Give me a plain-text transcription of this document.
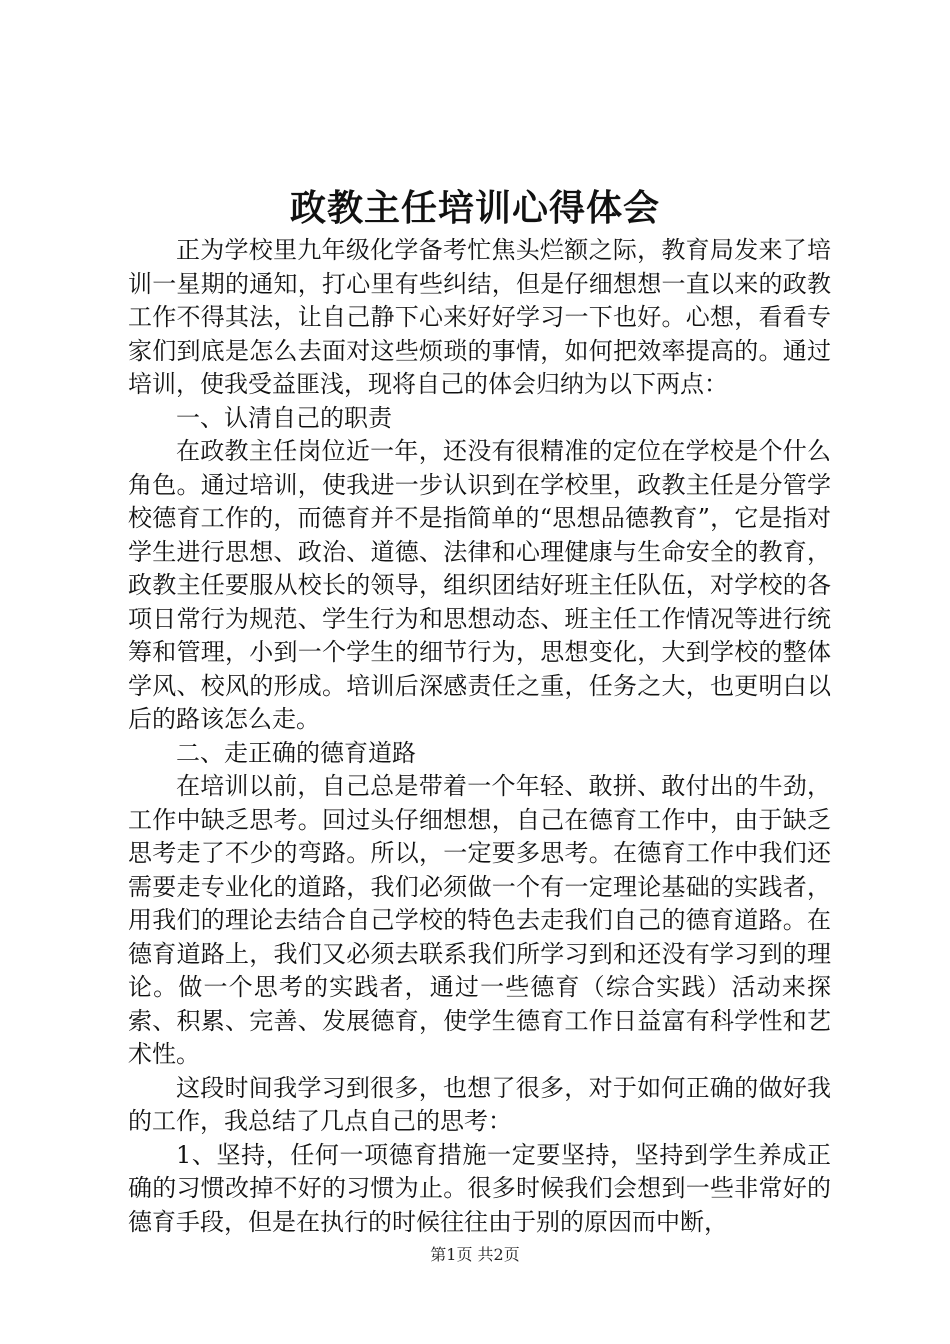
政教主任培训心得体会

正为学校里九年级化学备考忙焦头烂额之际，教育局发来了培训一星期的通知，打心里有些纠结，但是仔细想想一直以来的政教工作不得其法，让自己静下心来好好学习一下也好。心想，看看专家们到底是怎么去面对这些烦琐的事情，如何把效率提高的。通过培训，使我受益匪浅，现将自己的体会归纳为以下两点：

一、认清自己的职责

在政教主任岗位近一年，还没有很精准的定位在学校是个什么角色。通过培训，使我进一步认识到在学校里，政教主任是分管学校德育工作的，而德育并不是指简单的“思想品德教育”，它是指对学生进行思想、政治、道德、法律和心理健康与生命安全的教育，政教主任要服从校长的领导，组织团结好班主任队伍，对学校的各项日常行为规范、学生行为和思想动态、班主任工作情况等进行统筹和管理，小到一个学生的细节行为，思想变化，大到学校的整体学风、校风的形成。培训后深感责任之重，任务之大，也更明白以后的路该怎么走。

二、走正确的德育道路

在培训以前，自己总是带着一个年轻、敢拼、敢付出的牛劲，工作中缺乏思考。回过头仔细想想，自己在德育工作中，由于缺乏思考走了不少的弯路。所以，一定要多思考。在德育工作中我们还需要走专业化的道路，我们必须做一个有一定理论基础的实践者，用我们的理论去结合自己学校的特色去走我们自己的德育道路。在德育道路上，我们又必须去联系我们所学习到和还没有学习到的理论。做一个思考的实践者，通过一些德育（综合实践）活动来探索、积累、完善、发展德育，使学生德育工作日益富有科学性和艺术性。

这段时间我学习到很多，也想了很多，对于如何正确的做好我的工作，我总结了几点自己的思考：

1、坚持，任何一项德育措施一定要坚持，坚持到学生养成正确的习惯改掉不好的习惯为止。很多时候我们会想到一些非常好的德育手段，但是在执行的时候往往由于别的原因而中断，

第1页 共2页
